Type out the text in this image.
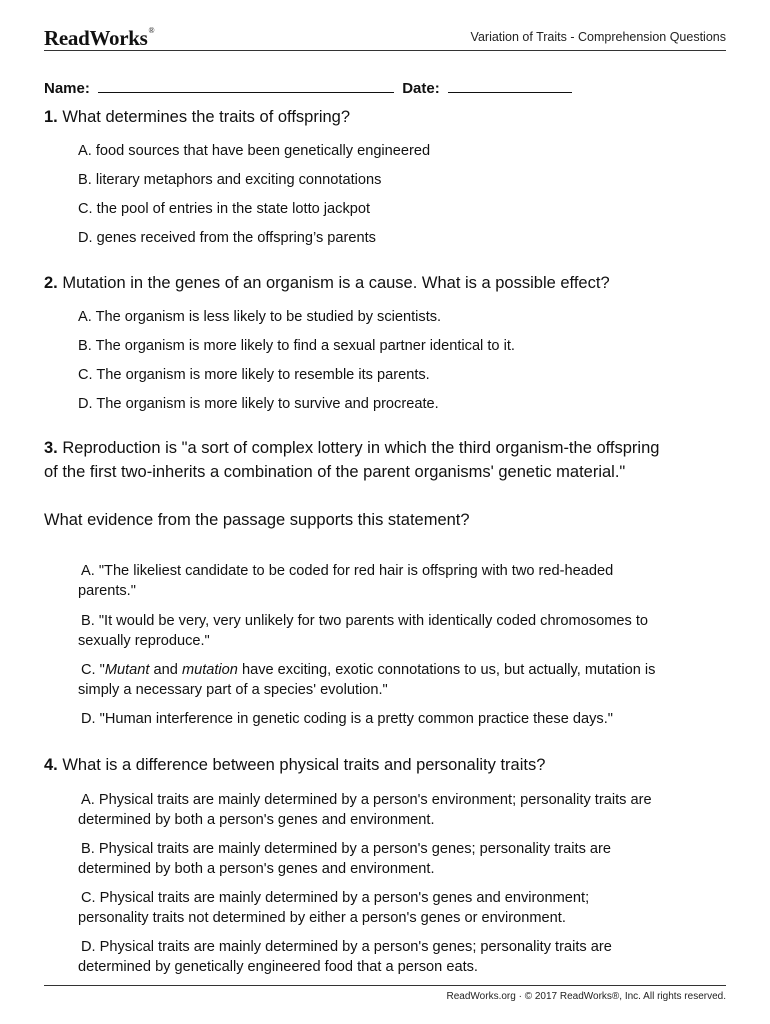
ReadWorks®	Variation of Traits - Comprehension Questions
Name:	Date:
1. What determines the traits of offspring?
A. food sources that have been genetically engineered
B. literary metaphors and exciting connotations
C. the pool of entries in the state lotto jackpot
D. genes received from the offspring’s parents
2. Mutation in the genes of an organism is a cause. What is a possible effect?
A. The organism is less likely to be studied by scientists.
B. The organism is more likely to find a sexual partner identical to it.
C. The organism is more likely to resemble its parents.
D. The organism is more likely to survive and procreate.
3. Reproduction is "a sort of complex lottery in which the third organism-the offspring
of the first two-inherits a combination of the parent organisms' genetic material."
What evidence from the passage supports this statement?
A. "The likeliest candidate to be coded for red hair is offspring with two red-headed
parents."
B. "It would be very, very unlikely for two parents with identically coded chromosomes to
sexually reproduce."
C. "Mutant and mutation have exciting, exotic connotations to us, but actually, mutation is
simply a necessary part of a species' evolution."
D. "Human interference in genetic coding is a pretty common practice these days."
4. What is a difference between physical traits and personality traits?
A. Physical traits are mainly determined by a person's environment; personality traits are
determined by both a person's genes and environment.
B. Physical traits are mainly determined by a person's genes; personality traits are
determined by both a person's genes and environment.
C. Physical traits are mainly determined by a person's genes and environment;
personality traits not determined by either a person's genes or environment.
D. Physical traits are mainly determined by a person's genes; personality traits are
determined by genetically engineered food that a person eats.
ReadWorks.org · © 2017 ReadWorks®, Inc. All rights reserved.
